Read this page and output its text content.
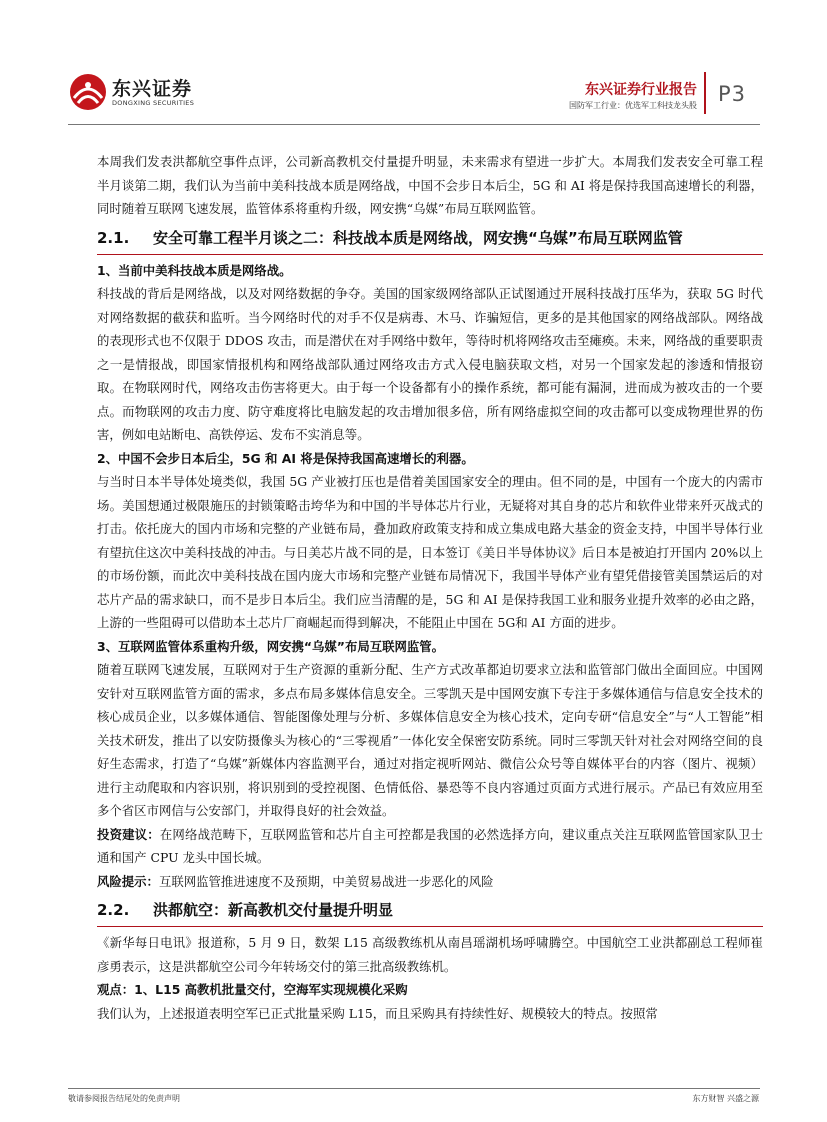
东兴证券
DONGXING SECURITIES
东兴证券行业报告
国防军工行业：优选军工科技龙头股 P3

本周我们发表洪都航空事件点评，公司新高教机交付量提升明显，未来需求有望进一步扩大。本周我们发表安全可靠工程半月谈第二期，我们认为当前中美科技战本质是网络战，中国不会步日本后尘，5G 和 AI 将是保持我国高速增长的利器，同时随着互联网飞速发展，监管体系将重构升级，网安携“乌媒”布局互联网监管。

2.1. 安全可靠工程半月谈之二：科技战本质是网络战，网安携“乌媒”布局互联网监管
1、当前中美科技战本质是网络战。

科技战的背后是网络战，以及对网络数据的争夺。美国的国家级网络部队正试图通过开展科技战打压华为，获取 5G 时代对网络数据的截获和监听。当今网络时代的对手不仅是病毒、木马、诈骗短信，更多的是其他国家的网络战部队。网络战的表现形式也不仅限于 DDOS 攻击，而是潜伏在对手网络中数年，等待时机将网络攻击至瘫痪。未来，网络战的重要职责之一是情报战，即国家情报机构和网络战部队通过网络攻击方式入侵电脑获取文档，对另一个国家发起的渗透和情报窃取。在物联网时代，网络攻击伤害将更大。由于每一个设备都有小的操作系统，都可能有漏洞，进而成为被攻击的一个要点。而物联网的攻击力度、防守难度将比电脑发起的攻击增加很多倍，所有网络虚拟空间的攻击都可以变成物理世界的伤害，例如电站断电、高铁停运、发布不实消息等。

2、中国不会步日本后尘，5G 和 AI 将是保持我国高速增长的利器。

与当时日本半导体处境类似，我国 5G 产业被打压也是借着美国国家安全的理由。但不同的是，中国有一个庞大的内需市场。美国想通过极限施压的封锁策略击垮华为和中国的半导体芯片行业，无疑将对其自身的芯片和软件业带来歼灭战式的打击。依托庞大的国内市场和完整的产业链布局，叠加政府政策支持和成立集成电路大基金的资金支持，中国半导体行业有望抗住这次中美科技战的冲击。与日美芯片战不同的是，日本签订《美日半导体协议》后日本是被迫打开国内 20%以上的市场份额，而此次中美科技战在国内庞大市场和完整产业链布局情况下，我国半导体产业有望凭借接管美国禁运后的对芯片产品的需求缺口，而不是步日本后尘。我们应当清醒的是，5G 和 AI 是保持我国工业和服务业提升效率的必由之路，上游的一些阻碍可以借助本土芯片厂商崛起而得到解决，不能阻止中国在 5G和 AI 方面的进步。

3、互联网监管体系重构升级，网安携“乌媒”布局互联网监管。

随着互联网飞速发展，互联网对于生产资源的重新分配、生产方式改革都迫切要求立法和监管部门做出全面回应。中国网安针对互联网监管方面的需求，多点布局多媒体信息安全。三零凯天是中国网安旗下专注于多媒体通信与信息安全技术的核心成员企业，以多媒体通信、智能图像处理与分析、多媒体信息安全为核心技术，定向专研“信息安全”与“人工智能”相关技术研发，推出了以安防摄像头为核心的“三零视盾”一体化安全保密安防系统。同时三零凯天针对社会对网络空间的良好生态需求，打造了“乌媒”新媒体内容监测平台，通过对指定视听网站、微信公众号等自媒体平台的内容（图片、视频）进行主动爬取和内容识别，将识别到的受控视图、色情低俗、暴恐等不良内容通过页面方式进行展示。产品已有效应用至多个省区市网信与公安部门，并取得良好的社会效益。

投资建议：在网络战范畴下，互联网监管和芯片自主可控都是我国的必然选择方向，建议重点关注互联网监管国家队卫士通和国产 CPU 龙头中国长城。

风险提示：互联网监管推进速度不及预期，中美贸易战进一步恶化的风险

2.2. 洪都航空：新高教机交付量提升明显

《新华每日电讯》报道称，5 月 9 日，数架 L15 高级教练机从南昌瑶湖机场呼啸腾空。中国航空工业洪都副总工程师崔彦勇表示，这是洪都航空公司今年转场交付的第三批高级教练机。

观点：1、L15 高教机批量交付，空海军实现规模化采购

我们认为，上述报道表明空军已正式批量采购 L15，而且采购具有持续性好、规模较大的特点。按照常

敬请参阅报告结尾处的免责声明	东方财智 兴盛之源
